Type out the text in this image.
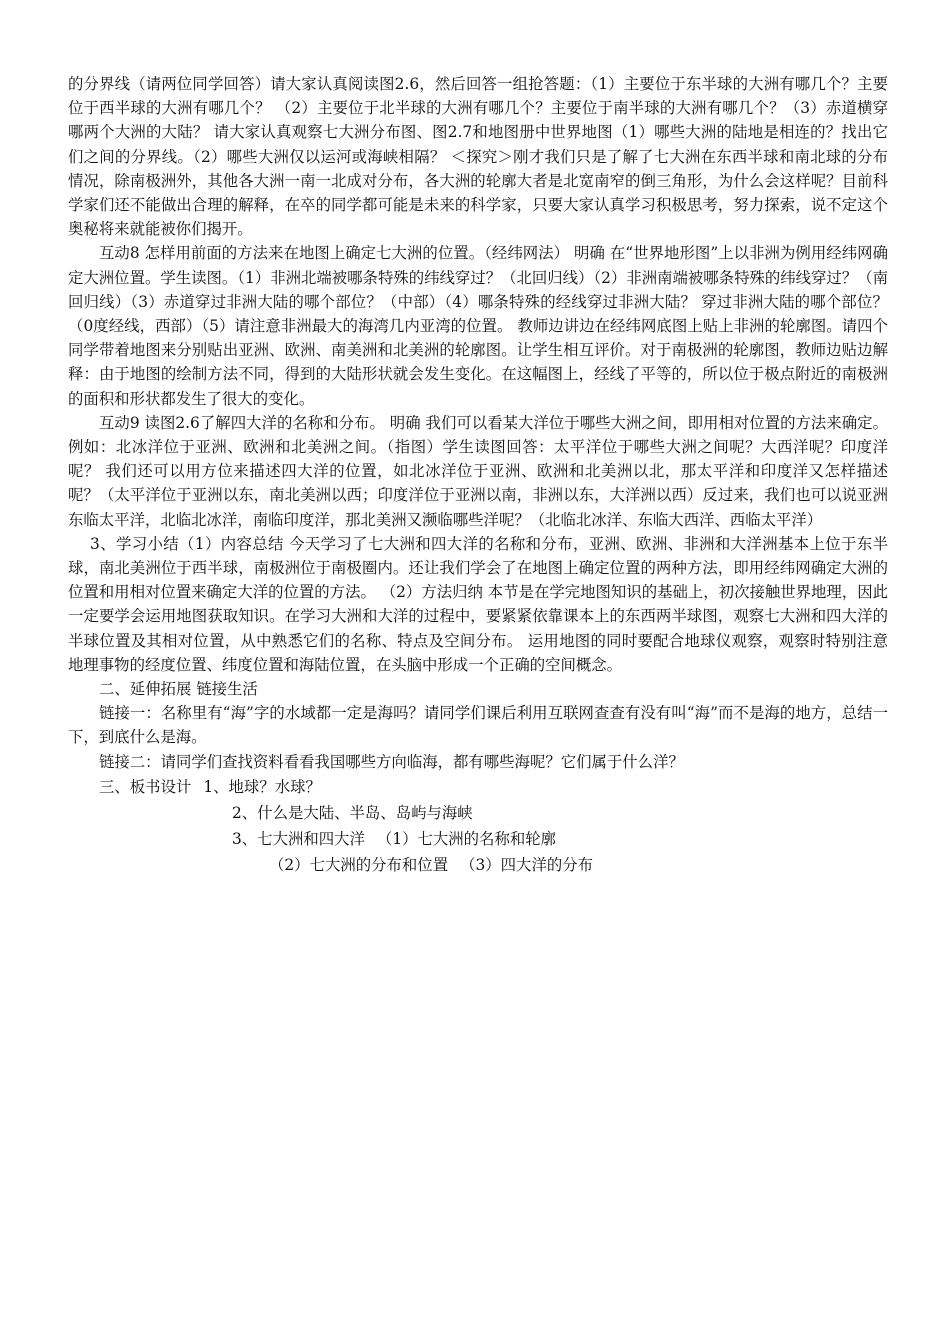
的分界线（请两位同学回答）请大家认真阅读图2.6，然后回答一组抢答题：（1）主要位于东半球的大洲有哪几个？主要位于西半球的大洲有哪几个？ （2）主要位于北半球的大洲有哪几个？主要位于南半球的大洲有哪几个？（3）赤道横穿哪两个大洲的大陆？ 请大家认真观察七大洲分布图、图2.7和地图册中世界地图（1）哪些大洲的陆地是相连的？找出它们之间的分界线。（2）哪些大洲仅以运河或海峡相隔？ ＜探究＞刚才我们只是了解了七大洲在东西半球和南北球的分布情况，除南极洲外，其他各大洲一南一北成对分布，各大洲的轮廓大者是北宽南窄的倒三角形，为什么会这样呢？目前科学家们还不能做出合理的解释，在卒的同学都可能是未来的科学家，只要大家认真学习积极思考，努力探索，说不定这个奥秘将来就能被你们揭开。

互动8 怎样用前面的方法来在地图上确定七大洲的位置。（经纬网法） 明确 在“世界地形图”上以非洲为例用经纬网确定大洲位置。学生读图。（1）非洲北端被哪条特殊的纬线穿过？（北回归线）（2）非洲南端被哪条特殊的纬线穿过？（南回归线）（3）赤道穿过非洲大陆的哪个部位？（中部）（4）哪条特殊的经线穿过非洲大陆？ 穿过非洲大陆的哪个部位？（0度经线，西部）（5）请注意非洲最大的海湾几内亚湾的位置。 教师边讲边在经纬网底图上贴上非洲的轮廓图。请四个同学带着地图来分别贴出亚洲、欧洲、南美洲和北美洲的轮廓图。让学生相互评价。对于南极洲的轮廓图，教师边贴边解释：由于地图的绘制方法不同，得到的大陆形状就会发生变化。在这幅图上，经线了平等的，所以位于极点附近的南极洲的面积和形状都发生了很大的变化。

互动9 读图2.6了解四大洋的名称和分布。 明确 我们可以看某大洋位于哪些大洲之间，即用相对位置的方法来确定。例如：北冰洋位于亚洲、欧洲和北美洲之间。（指图）学生读图回答：太平洋位于哪些大洲之间呢？大西洋呢？印度洋呢？ 我们还可以用方位来描述四大洋的位置，如北冰洋位于亚洲、欧洲和北美洲以北，那太平洋和印度洋又怎样描述呢？（太平洋位于亚洲以东，南北美洲以西；印度洋位于亚洲以南，非洲以东，大洋洲以西）反过来，我们也可以说亚洲东临太平洋，北临北冰洋，南临印度洋，那北美洲又濒临哪些洋呢？（北临北冰洋、东临大西洋、西临太平洋）

3、学习小结（1）内容总结 今天学习了七大洲和四大洋的名称和分布，亚洲、欧洲、非洲和大洋洲基本上位于东半球，南北美洲位于西半球，南极洲位于南极圈内。还让我们学会了在地图上确定位置的两种方法，即用经纬网确定大洲的位置和用相对位置来确定大洋的位置的方法。 （2）方法归纳 本节是在学完地图知识的基础上，初次接触世界地理，因此一定要学会运用地图获取知识。在学习大洲和大洋的过程中，要紧紧依靠课本上的东西两半球图，观察七大洲和四大洋的半球位置及其相对位置，从中熟悉它们的名称、特点及空间分布。 运用地图的同时要配合地球仪观察，观察时特别注意地理事物的经度位置、纬度位置和海陆位置，在头脑中形成一个正确的空间概念。

二、延伸拓展 链接生活

链接一：名称里有“海”字的水域都一定是海吗？请同学们课后利用互联网查查有没有叫“海”而不是海的地方，总结一下，到底什么是海。

链接二：请同学们查找资料看看我国哪些方向临海，都有哪些海呢？它们属于什么洋？

三、板书设计 1、地球？水球？

2、什么是大陆、半岛、岛屿与海峡

3、七大洲和四大洋 （1）七大洲的名称和轮廓

（2）七大洲的分布和位置 （3）四大洋的分布
